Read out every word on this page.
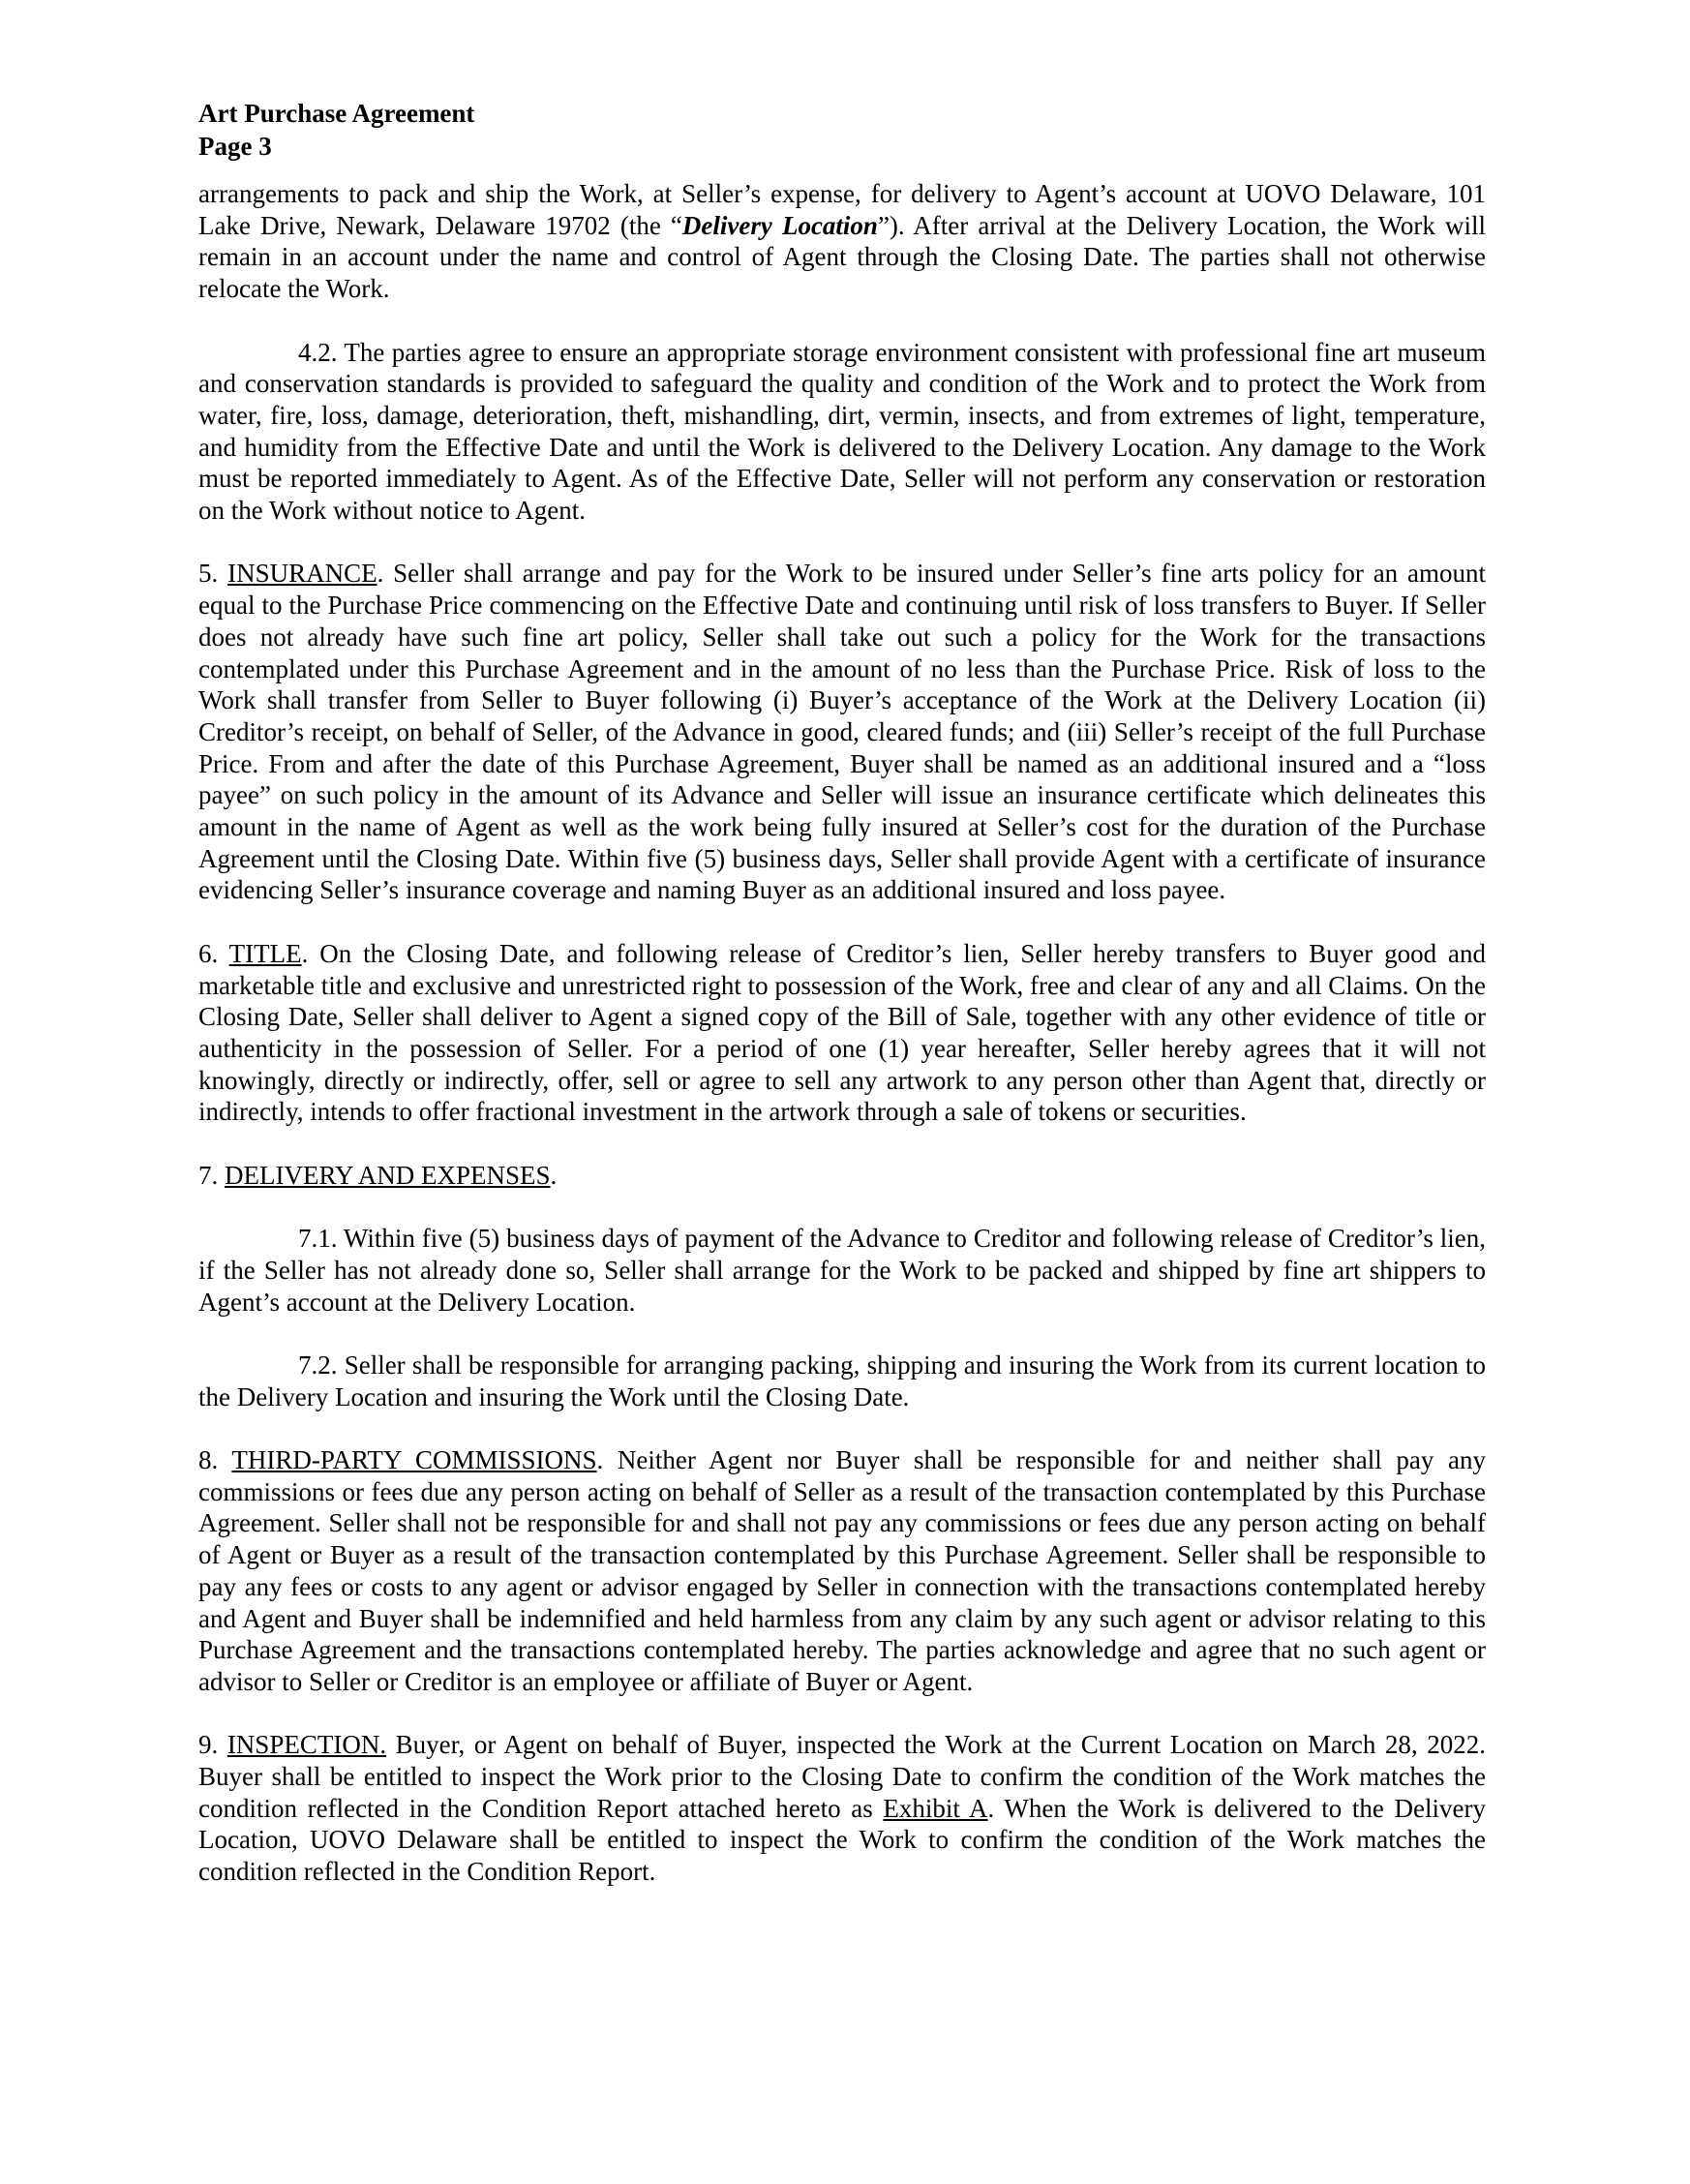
Art Purchase Agreement
Page 3

arrangements to pack and ship the Work, at Seller’s expense, for delivery to Agent’s account at UOVO Delaware, 101 Lake Drive, Newark, Delaware 19702 (the “Delivery Location”). After arrival at the Delivery Location, the Work will remain in an account under the name and control of Agent through the Closing Date. The parties shall not otherwise relocate the Work.

4.2. The parties agree to ensure an appropriate storage environment consistent with professional fine art museum and conservation standards is provided to safeguard the quality and condition of the Work and to protect the Work from water, fire, loss, damage, deterioration, theft, mishandling, dirt, vermin, insects, and from extremes of light, temperature, and humidity from the Effective Date and until the Work is delivered to the Delivery Location. Any damage to the Work must be reported immediately to Agent. As of the Effective Date, Seller will not perform any conservation or restoration on the Work without notice to Agent.

5. INSURANCE. Seller shall arrange and pay for the Work to be insured under Seller’s fine arts policy for an amount equal to the Purchase Price commencing on the Effective Date and continuing until risk of loss transfers to Buyer. If Seller does not already have such fine art policy, Seller shall take out such a policy for the Work for the transactions contemplated under this Purchase Agreement and in the amount of no less than the Purchase Price. Risk of loss to the Work shall transfer from Seller to Buyer following (i) Buyer’s acceptance of the Work at the Delivery Location (ii) Creditor’s receipt, on behalf of Seller, of the Advance in good, cleared funds; and (iii) Seller’s receipt of the full Purchase Price. From and after the date of this Purchase Agreement, Buyer shall be named as an additional insured and a “loss payee” on such policy in the amount of its Advance and Seller will issue an insurance certificate which delineates this amount in the name of Agent as well as the work being fully insured at Seller’s cost for the duration of the Purchase Agreement until the Closing Date. Within five (5) business days, Seller shall provide Agent with a certificate of insurance evidencing Seller’s insurance coverage and naming Buyer as an additional insured and loss payee.

6. TITLE. On the Closing Date, and following release of Creditor’s lien, Seller hereby transfers to Buyer good and marketable title and exclusive and unrestricted right to possession of the Work, free and clear of any and all Claims. On the Closing Date, Seller shall deliver to Agent a signed copy of the Bill of Sale, together with any other evidence of title or authenticity in the possession of Seller. For a period of one (1) year hereafter, Seller hereby agrees that it will not knowingly, directly or indirectly, offer, sell or agree to sell any artwork to any person other than Agent that, directly or indirectly, intends to offer fractional investment in the artwork through a sale of tokens or securities.

7. DELIVERY AND EXPENSES.

7.1. Within five (5) business days of payment of the Advance to Creditor and following release of Creditor’s lien, if the Seller has not already done so, Seller shall arrange for the Work to be packed and shipped by fine art shippers to Agent’s account at the Delivery Location.

7.2. Seller shall be responsible for arranging packing, shipping and insuring the Work from its current location to the Delivery Location and insuring the Work until the Closing Date.

8. THIRD-PARTY COMMISSIONS. Neither Agent nor Buyer shall be responsible for and neither shall pay any commissions or fees due any person acting on behalf of Seller as a result of the transaction contemplated by this Purchase Agreement. Seller shall not be responsible for and shall not pay any commissions or fees due any person acting on behalf of Agent or Buyer as a result of the transaction contemplated by this Purchase Agreement. Seller shall be responsible to pay any fees or costs to any agent or advisor engaged by Seller in connection with the transactions contemplated hereby and Agent and Buyer shall be indemnified and held harmless from any claim by any such agent or advisor relating to this Purchase Agreement and the transactions contemplated hereby. The parties acknowledge and agree that no such agent or advisor to Seller or Creditor is an employee or affiliate of Buyer or Agent.

9. INSPECTION. Buyer, or Agent on behalf of Buyer, inspected the Work at the Current Location on March 28, 2022. Buyer shall be entitled to inspect the Work prior to the Closing Date to confirm the condition of the Work matches the condition reflected in the Condition Report attached hereto as Exhibit A. When the Work is delivered to the Delivery Location, UOVO Delaware shall be entitled to inspect the Work to confirm the condition of the Work matches the condition reflected in the Condition Report.
